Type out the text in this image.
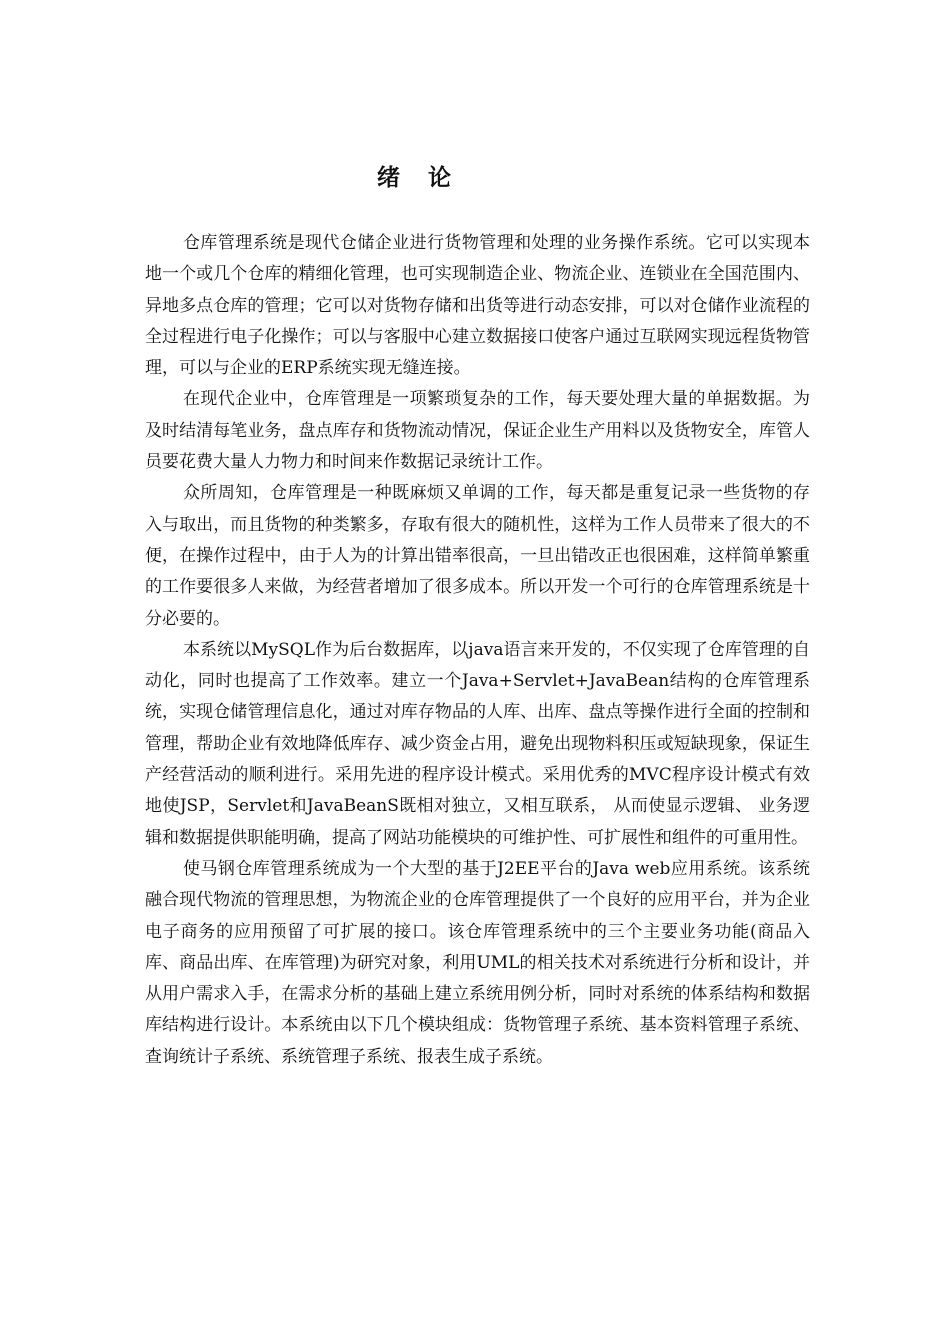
绪 论

仓库管理系统是现代仓储企业进行货物管理和处理的业务操作系统。它可以实现本地一个或几个仓库的精细化管理，也可实现制造企业、物流企业、连锁业在全国范围内、异地多点仓库的管理；它可以对货物存储和出货等进行动态安排，可以对仓储作业流程的全过程进行电子化操作；可以与客服中心建立数据接口使客户通过互联网实现远程货物管理，可以与企业的ERP系统实现无缝连接。

在现代企业中，仓库管理是一项繁琐复杂的工作，每天要处理大量的单据数据。为及时结清每笔业务，盘点库存和货物流动情况，保证企业生产用料以及货物安全，库管人员要花费大量人力物力和时间来作数据记录统计工作。

众所周知，仓库管理是一种既麻烦又单调的工作，每天都是重复记录一些货物的存入与取出，而且货物的种类繁多，存取有很大的随机性，这样为工作人员带来了很大的不便，在操作过程中，由于人为的计算出错率很高，一旦出错改正也很困难，这样简单繁重的工作要很多人来做，为经营者增加了很多成本。所以开发一个可行的仓库管理系统是十分必要的。

本系统以MySQL作为后台数据库，以java语言来开发的，不仅实现了仓库管理的自动化，同时也提高了工作效率。建立一个Java+Servlet+JavaBean结构的仓库管理系统，实现仓储管理信息化，通过对库存物品的人库、出库、盘点等操作进行全面的控制和管理，帮助企业有效地降低库存、减少资金占用，避免出现物料积压或短缺现象，保证生产经营活动的顺利进行。采用先进的程序设计模式。采用优秀的MVC程序设计模式有效地使JSP，Servlet和JavaBeanS既相对独立，又相互联系， 从而使显示逻辑、 业务逻辑和数据提供职能明确，提高了网站功能模块的可维护性、可扩展性和组件的可重用性。

使马钢仓库管理系统成为一个大型的基于J2EE平台的Java web应用系统。该系统融合现代物流的管理思想，为物流企业的仓库管理提供了一个良好的应用平台，并为企业电子商务的应用预留了可扩展的接口。该仓库管理系统中的三个主要业务功能(商品入库、商品出库、在库管理)为研究对象，利用UML的相关技术对系统进行分析和设计，并从用户需求入手，在需求分析的基础上建立系统用例分析，同时对系统的体系结构和数据库结构进行设计。本系统由以下几个模块组成：货物管理子系统、基本资料管理子系统、查询统计子系统、系统管理子系统、报表生成子系统。
